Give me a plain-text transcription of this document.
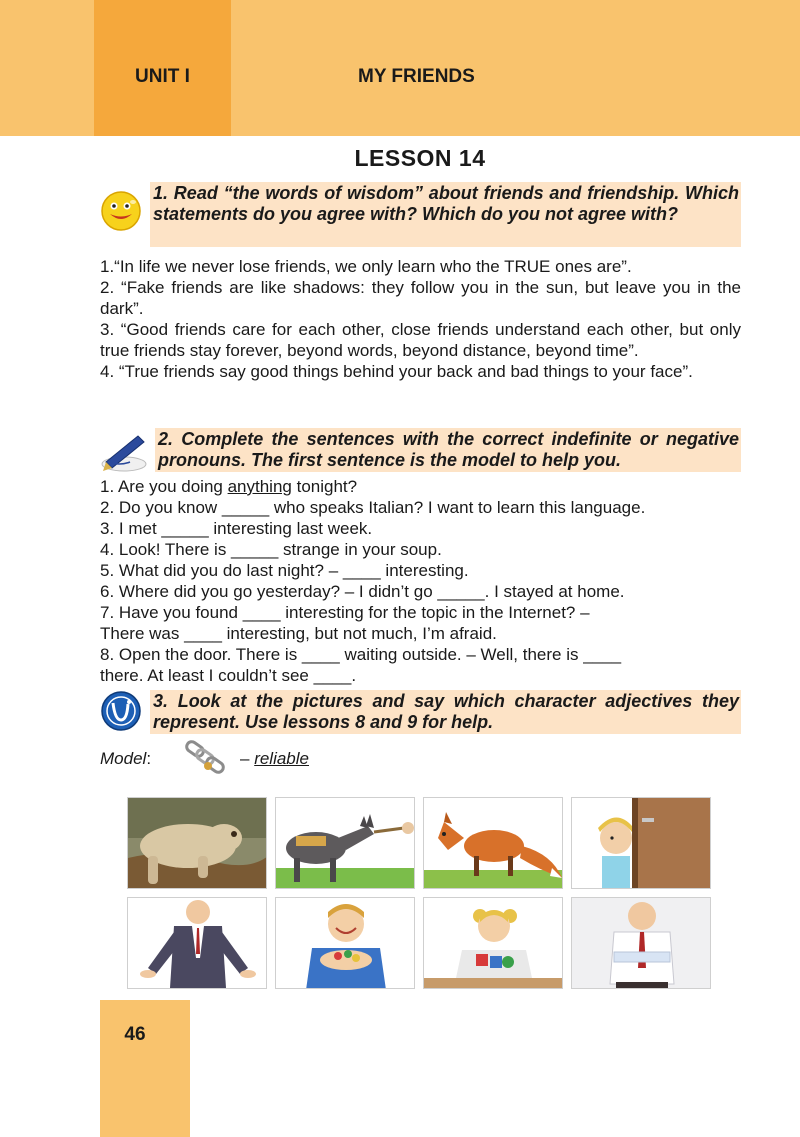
UNIT I	MY FRIENDS
LESSON 14
1. Read “the words of wisdom” about friends and friendship. Which statements do you agree with? Which do you not agree with?

1.“In life we never lose friends, we only learn who the TRUE ones are”.

2. “Fake friends are like shadows: they follow you in the sun, but leave you in the dark”.

3. “Good friends care for each other, close friends understand each other, but only true friends stay forever, beyond words, beyond distance, beyond time”.

4. “True friends say good things behind your back and bad things to your face”.

2. Complete the sentences with the correct indefinite or negative pronouns. The first sentence is the model to help you.

1. Are you doing anything tonight?

2. Do you know _____ who speaks Italian? I want to learn this language.

3. I met _____ interesting last week.

4. Look! There is _____ strange in your soup.

5. What did you do last night? – ____ interesting.

6. Where did you go yesterday? – I didn’t go _____. I stayed at home.

7. Have you found ____ interesting for the topic in the Internet? –

There was ____ interesting, but not much, I’m afraid.

8. Open the door. There is ____ waiting outside. – Well, there is ____

there. At least I couldn’t see ____.

3. Look at the pictures and say which character adjectives they represent. Use lessons 8 and 9 for help.
Model:	– reliable
46
